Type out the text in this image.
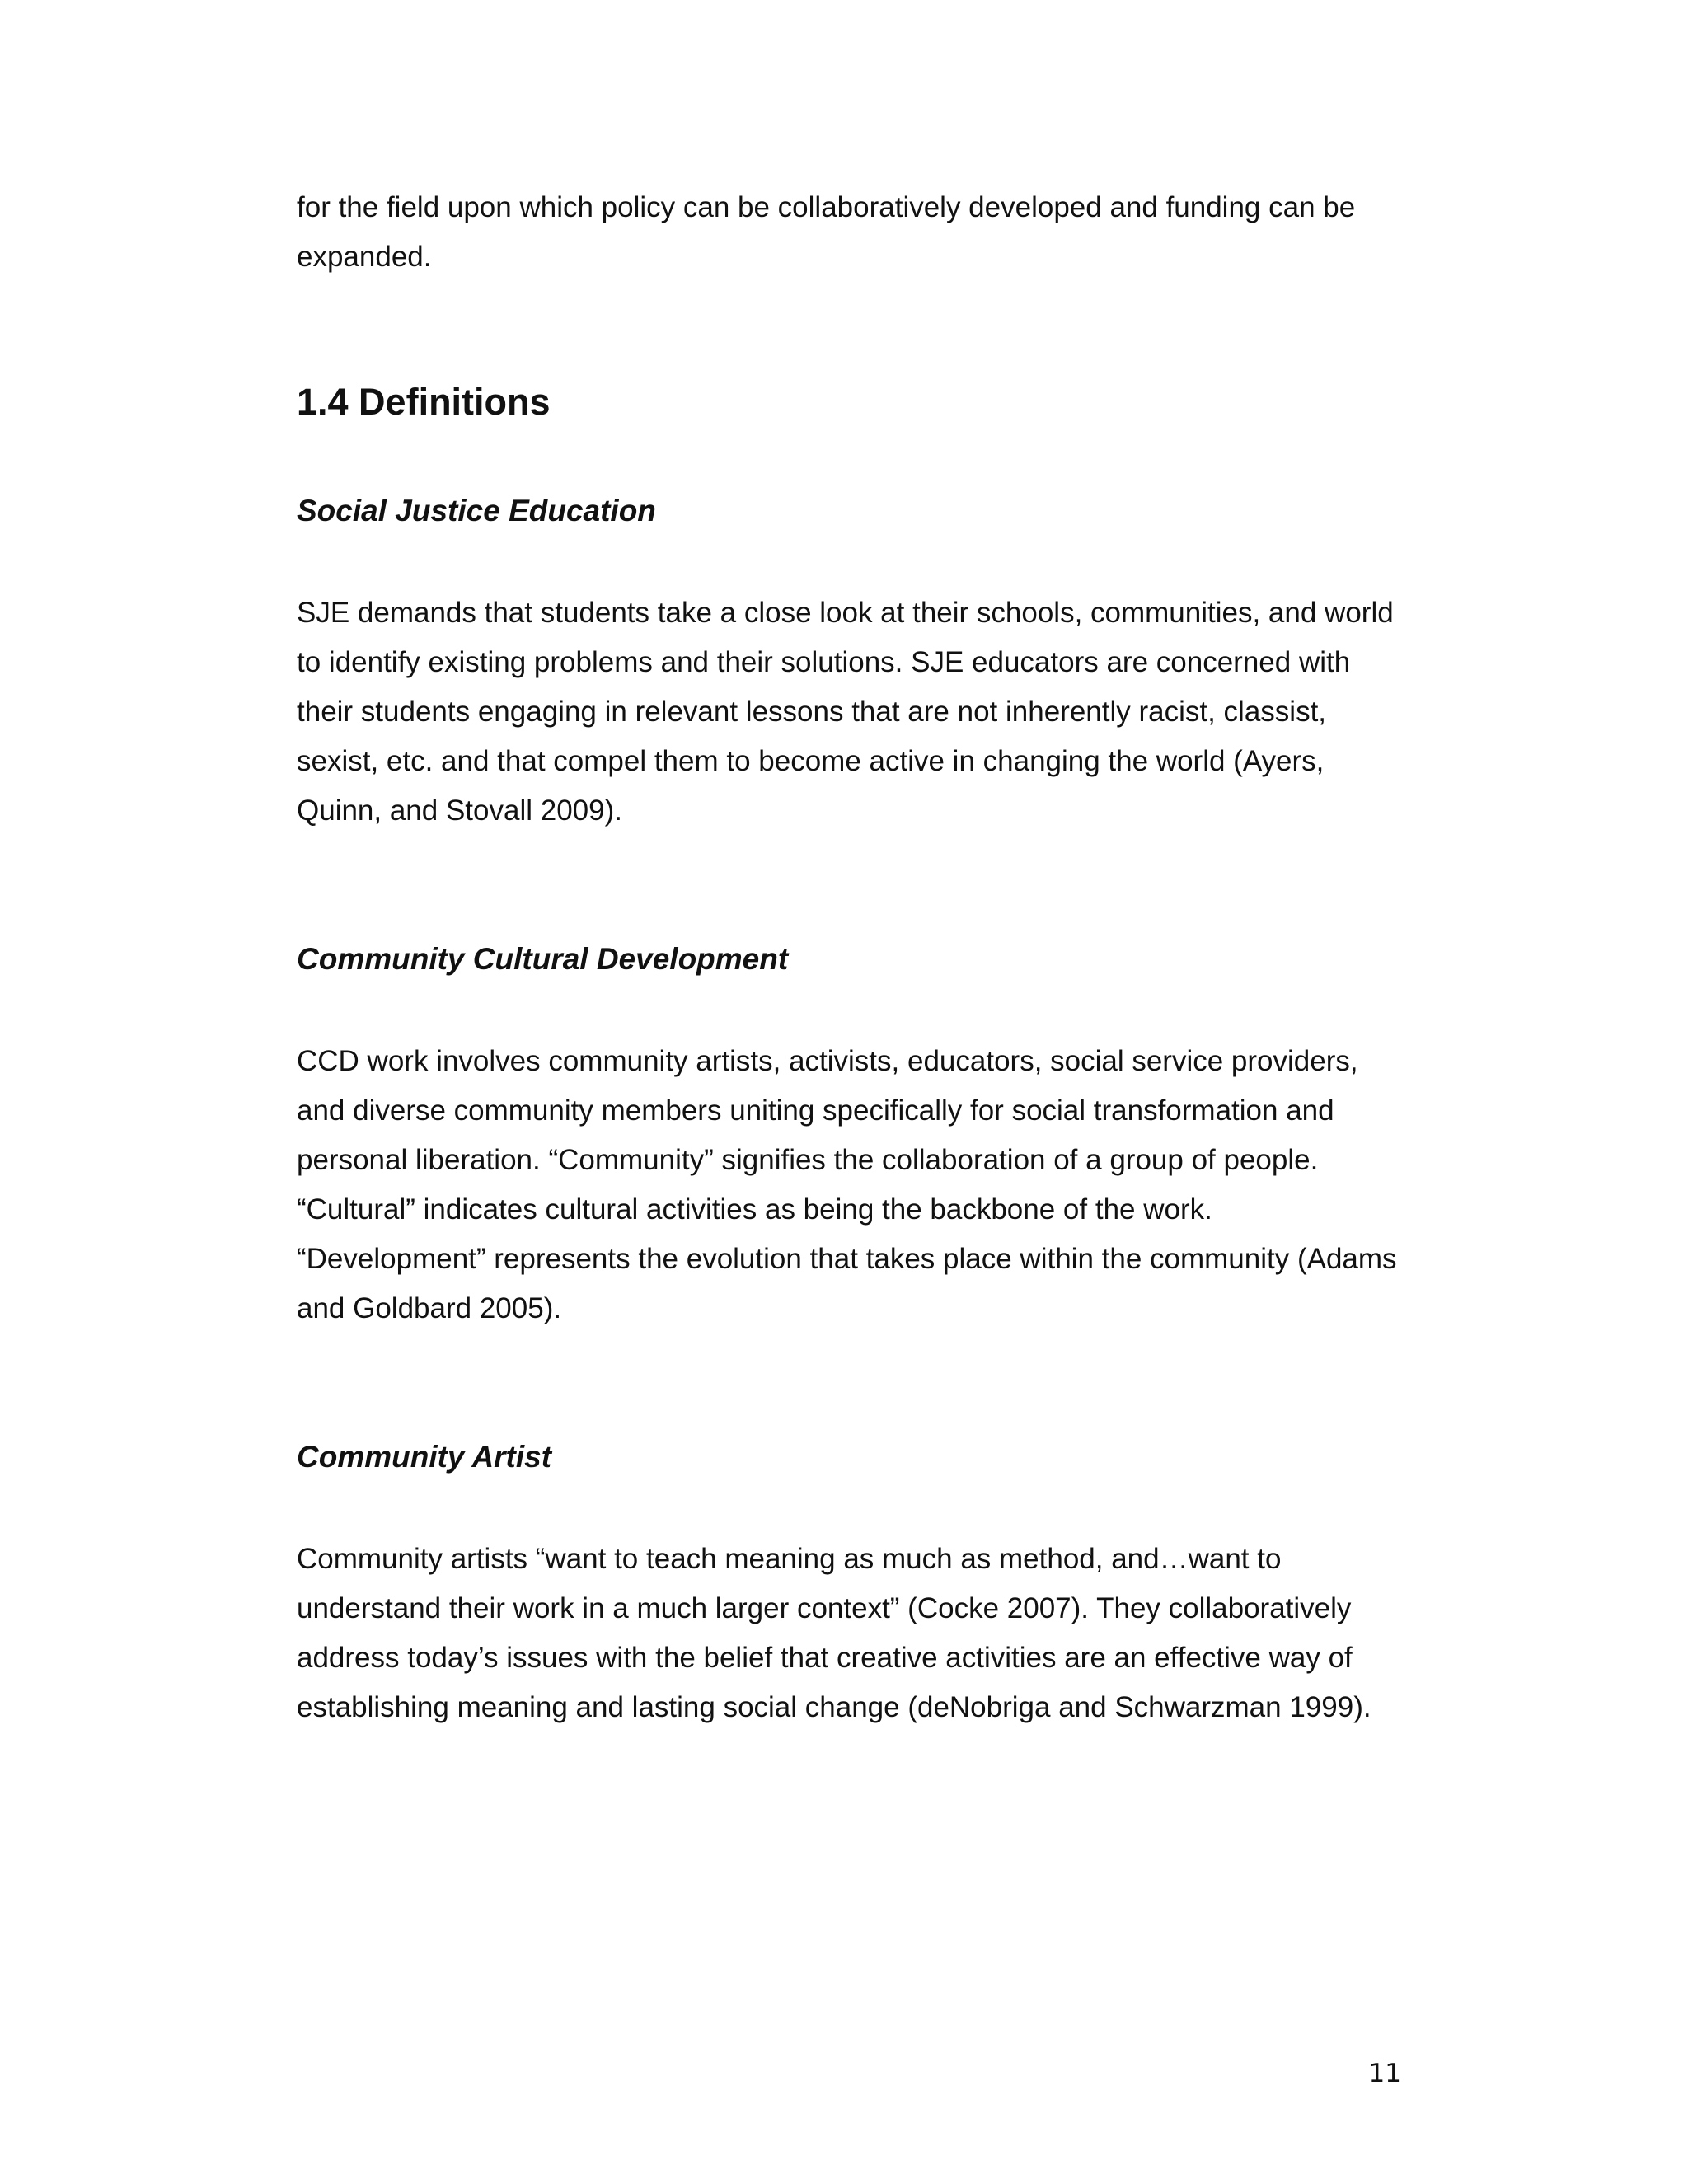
for the field upon which policy can be collaboratively developed and funding can be expanded.

1.4 Definitions
Social Justice Education

SJE demands that students take a close look at their schools, communities, and world to identify existing problems and their solutions. SJE educators are concerned with their students engaging in relevant lessons that are not inherently racist, classist, sexist, etc. and that compel them to become active in changing the world (Ayers, Quinn, and Stovall 2009).

Community Cultural Development

CCD work involves community artists, activists, educators, social service providers, and diverse community members uniting specifically for social transformation and personal liberation. “Community” signifies the collaboration of a group of people. “Cultural” indicates cultural activities as being the backbone of the work. “Development” represents the evolution that takes place within the community (Adams and Goldbard 2005).

Community Artist

Community artists “want to teach meaning as much as method, and…want to understand their work in a much larger context” (Cocke 2007). They collaboratively address today’s issues with the belief that creative activities are an effective way of establishing meaning and lasting social change (deNobriga and Schwarzman 1999).

11
